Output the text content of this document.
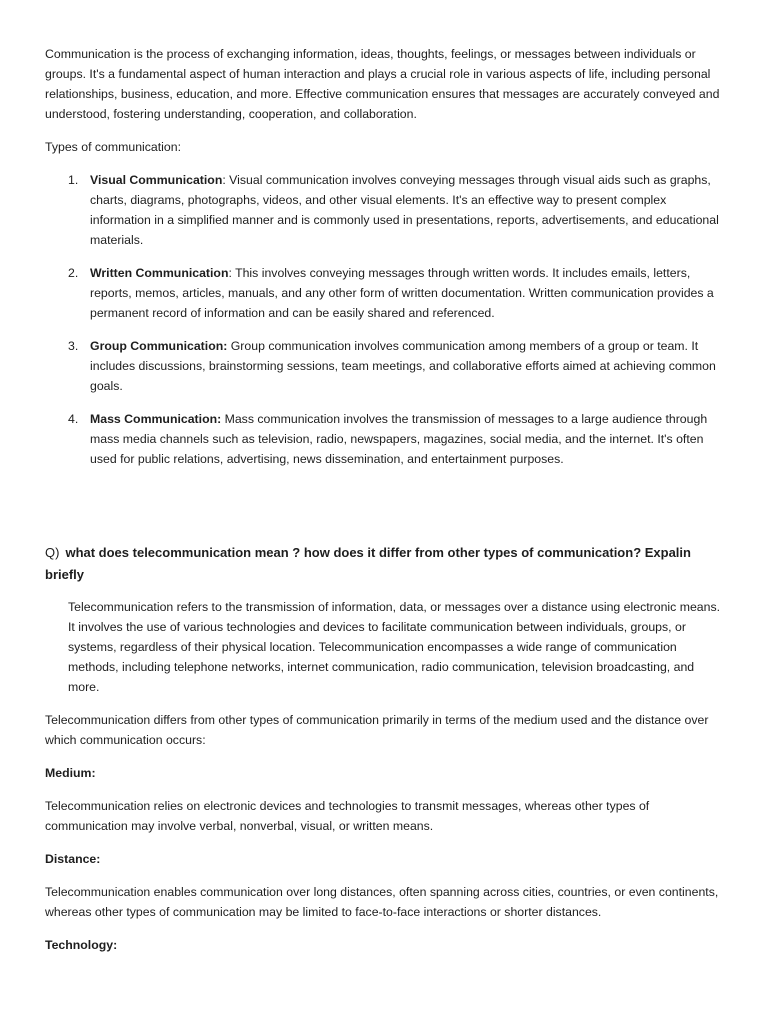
Communication is the process of exchanging information, ideas, thoughts, feelings, or messages between individuals or groups. It's a fundamental aspect of human interaction and plays a crucial role in various aspects of life, including personal relationships, business, education, and more. Effective communication ensures that messages are accurately conveyed and understood, fostering understanding, cooperation, and collaboration.

Types of communication:

1. Visual Communication: Visual communication involves conveying messages through visual aids such as graphs, charts, diagrams, photographs, videos, and other visual elements. It's an effective way to present complex information in a simplified manner and is commonly used in presentations, reports, advertisements, and educational materials.
2. Written Communication: This involves conveying messages through written words. It includes emails, letters, reports, memos, articles, manuals, and any other form of written documentation. Written communication provides a permanent record of information and can be easily shared and referenced.
3. Group Communication: Group communication involves communication among members of a group or team. It includes discussions, brainstorming sessions, team meetings, and collaborative efforts aimed at achieving common goals.
4. Mass Communication: Mass communication involves the transmission of messages to a large audience through mass media channels such as television, radio, newspapers, magazines, social media, and the internet. It's often used for public relations, advertising, news dissemination, and entertainment purposes.

Q) what does telecommunication mean ? how does it differ from other types of communication? Expalin briefly

Telecommunication refers to the transmission of information, data, or messages over a distance using electronic means. It involves the use of various technologies and devices to facilitate communication between individuals, groups, or systems, regardless of their physical location. Telecommunication encompasses a wide range of communication methods, including telephone networks, internet communication, radio communication, television broadcasting, and more.

Telecommunication differs from other types of communication primarily in terms of the medium used and the distance over which communication occurs:

Medium:

Telecommunication relies on electronic devices and technologies to transmit messages, whereas other types of communication may involve verbal, nonverbal, visual, or written means.

Distance:

Telecommunication enables communication over long distances, often spanning across cities, countries, or even continents, whereas other types of communication may be limited to face-to-face interactions or shorter distances.

Technology:
